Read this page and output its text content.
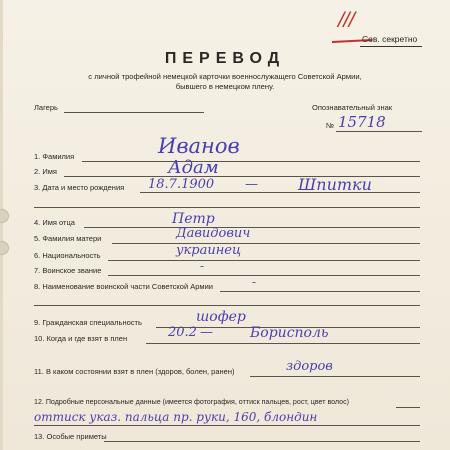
///
Сов. секретно
ПЕРЕВОД
с личной трофейной немецкой карточки военнослужащего Советской Армии,
бывшего в немецком плену.
Лагерь	Опознавательный знак
№ 15718
1. Фамилия	Иванов
2. Имя	Адам
3. Дата и место рождения 18.7.1900 —	Шпитки
4. Имя отца	Петр
5. Фамилия матери	Давидович
6. Национальность	украинец
7. Воинское звание	-
8. Наименование воинской части Советской Армии	-
9. Гражданская специальность	шофер
10. Когда и где взят в плен	20.2 —	Борисполь
11. В каком состоянии взят в плен (здоров, болен, ранен)	здоров
12. Подробные персональные данные (имеется фотография, оттиск пальцев, рост, цвет волос)
оттиск указ. пальца пр. руки, 160, блондин
13. Особые приметы
